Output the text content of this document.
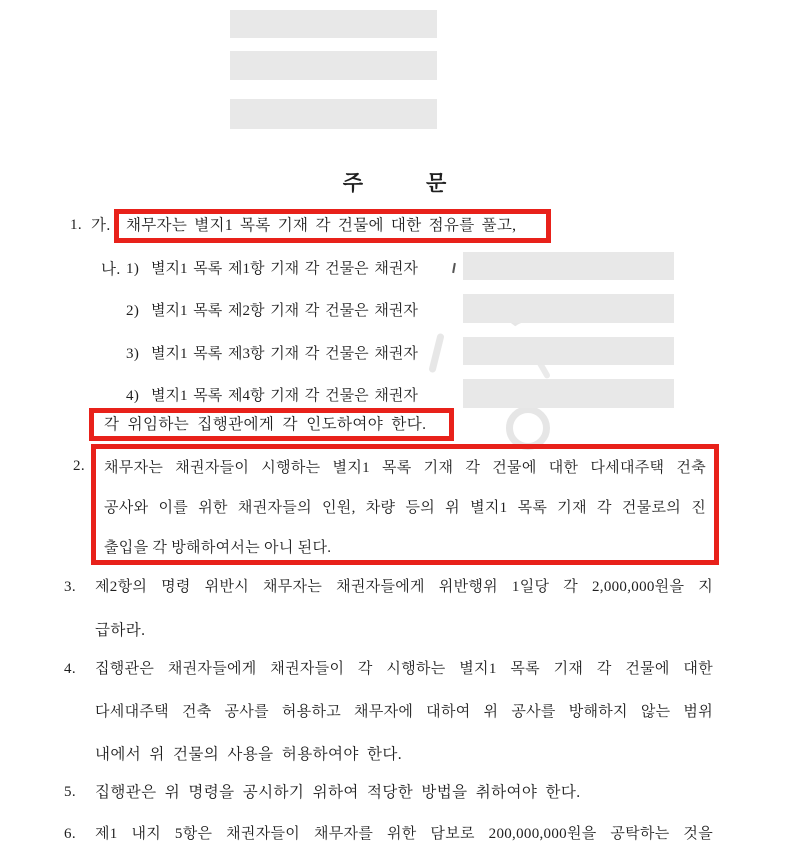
주	문
1. 가. 채무자는 별지1 목록 기재 각 건물에 대한 점유를 풀고,
나. 1) 별지1 목록 제1항 기재 각 건물은 채권자
2) 별지1 목록 제2항 기재 각 건물은 채권자
3) 별지1 목록 제3항 기재 각 건물은 채권자
4) 별지1 목록 제4항 기재 각 건물은 채권자
각 위임하는 집행관에게 각 인도하여야 한다.
2. 채무자는 채권자들이 시행하는 별지1 목록 기재 각 건물에 대한 다세대주택 건축
공사와 이를 위한 채권자들의 인원, 차량 등의 위 별지1 목록 기재 각 건물로의 진
출입을 각 방해하여서는 아니 된다.
3. 제2항의 명령 위반시 채무자는 채권자들에게 위반행위 1일당 각 2,000,000원을 지
급하라.
4. 집행관은 채권자들에게 채권자들이 각 시행하는 별지1 목록 기재 각 건물에 대한
다세대주택 건축 공사를 허용하고 채무자에 대하여 위 공사를 방해하지 않는 범위
내에서 위 건물의 사용을 허용하여야 한다.
5. 집행관은 위 명령을 공시하기 위하여 적당한 방법을 취하여야 한다.
6. 제1 내지 5항은 채권자들이 채무자를 위한 담보로 200,000,000원을 공탁하는 것을
